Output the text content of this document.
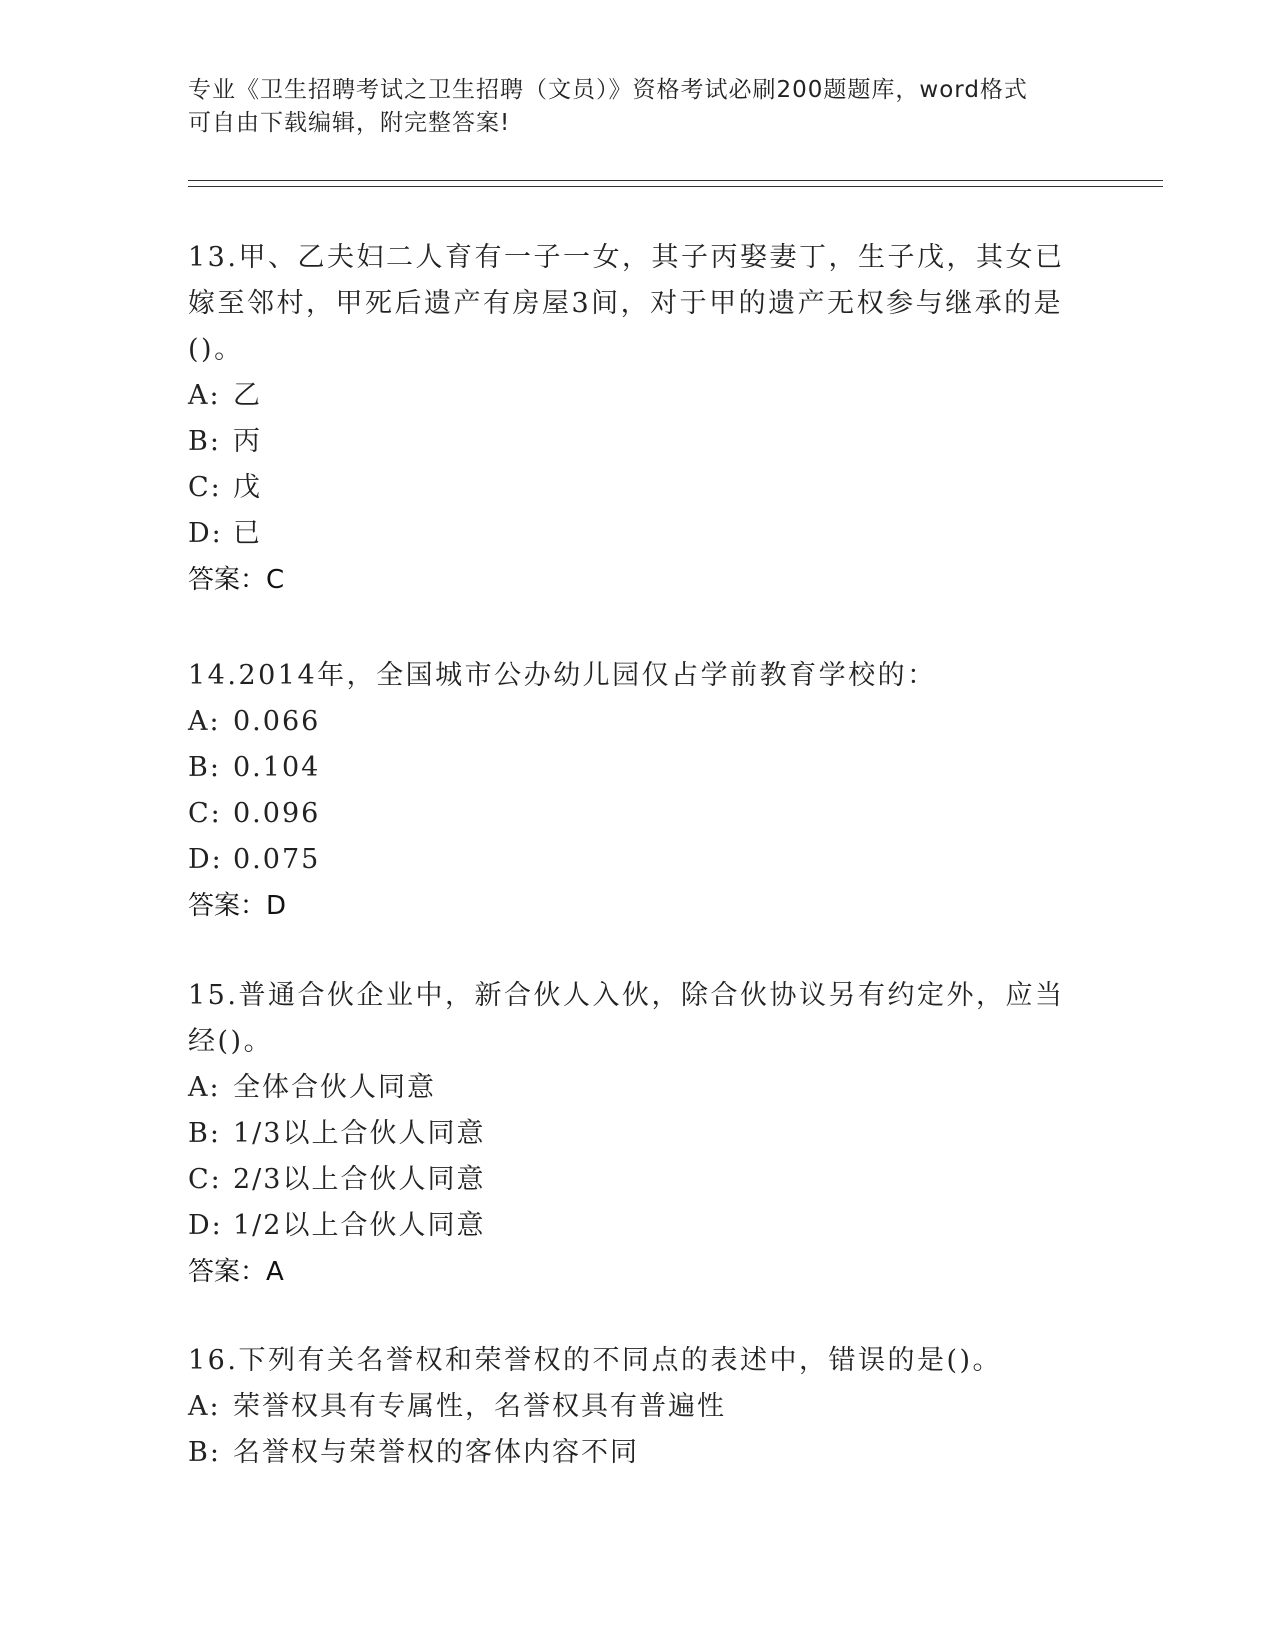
专业《卫生招聘考试之卫生招聘（文员）》资格考试必刷200题题库，word格式
可自由下载编辑，附完整答案!

13.甲、乙夫妇二人育有一子一女，其子丙娶妻丁，生子戊，其女已嫁至邻村，甲死后遗产有房屋3间，对于甲的遗产无权参与继承的是()。

A: 乙

B: 丙

C: 戊

D: 已

答案：C

14.2014年，全国城市公办幼儿园仅占学前教育学校的：

A: 0.066

B: 0.104

C: 0.096

D: 0.075

答案：D

15.普通合伙企业中，新合伙人入伙，除合伙协议另有约定外，应当经()。

A: 全体合伙人同意

B: 1/3以上合伙人同意

C: 2/3以上合伙人同意

D: 1/2以上合伙人同意

答案：A

16.下列有关名誉权和荣誉权的不同点的表述中，错误的是()。

A: 荣誉权具有专属性，名誉权具有普遍性

B: 名誉权与荣誉权的客体内容不同
